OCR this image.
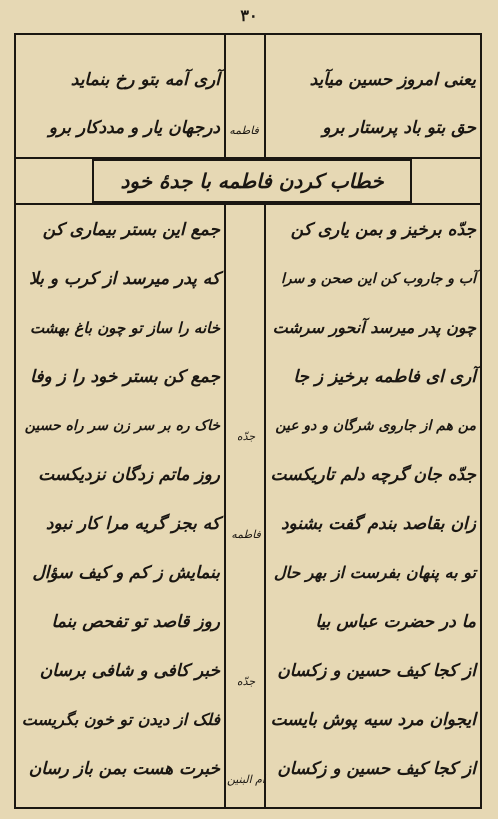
۳۰
خطاب کردن فاطمه با جدۀ خود
یعنی امروز حسین میآید
حق بتو باد پرستار برو
فاطمه
آری آمه بتو رخ بنماید
درجهان یار و مددکار برو
جدّه برخیز و بمن یاری کن
آب و جاروب کن این صحن و سرا
چون پدر میرسد آنحور سرشت
آری ای فاطمه برخیز ز جا
من هم از جاروی شرگان و دو عین
جدّه جان گرچه دلم تاریکست
زان بقاصد بندم گفت بشنود
تو به پنهان بفرست از بهر حال
ما در حضرت عباس بیا
از کجا کیف حسین و زکسان
ایجوان مرد سیه پوش بایست
از کجا کیف حسین و زکسان
جدّه
فاطمه
جدّه
ام البنین
جمع این بستر بیماری کن
که پدر میرسد از کرب و بلا
خانه را ساز تو چون باغ بهشت
جمع کن بستر خود را ز وفا
خاک ره بر سر زن سر راه حسین
روز ماتم زدگان نزدیکست
که بجز گریه مرا کار نبود
بنمایش ز کم و کیف سؤال
روز قاصد تو تفحص بنما
خبر کافی و شافی برسان
فلک از دیدن تو خون بگریست
خبرت هست بمن باز رسان
